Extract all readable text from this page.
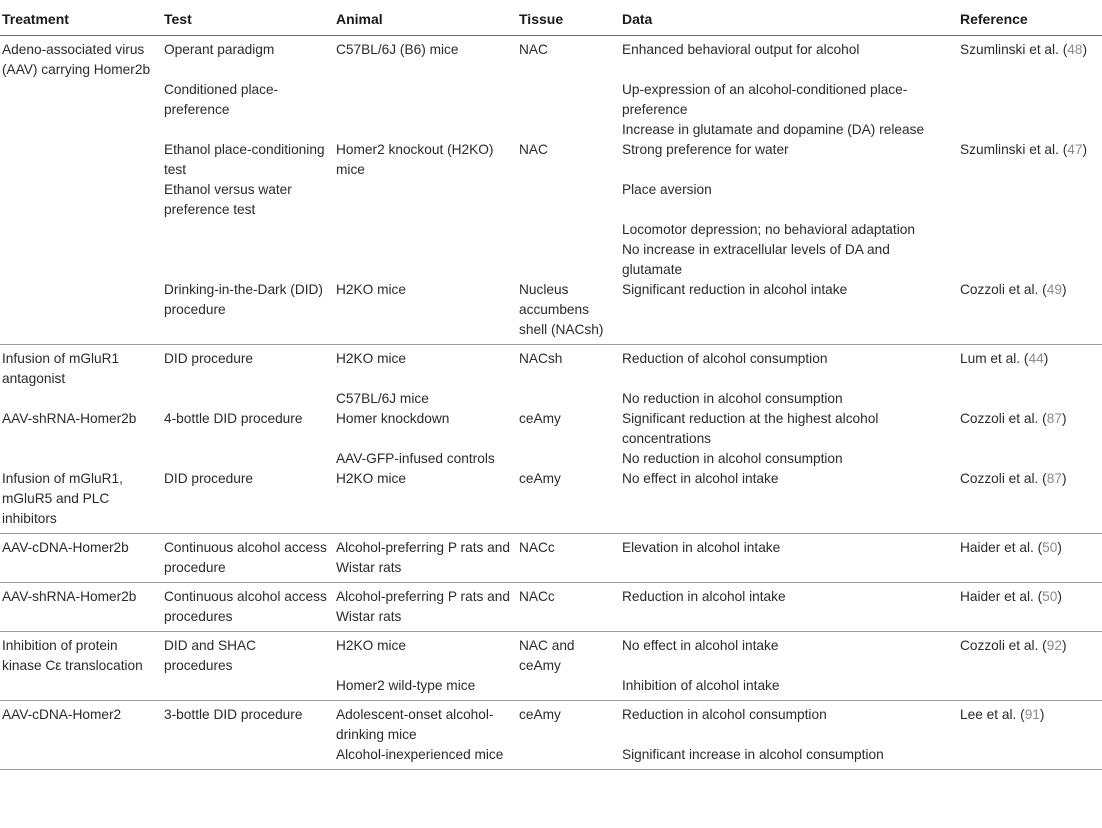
Treatment	Test	Animal	Tissue	Data	Reference
Adeno-associated virus (AAV) carrying Homer2b	Operant paradigm	C57BL/6J (B6) mice	NAC	Enhanced behavioral output for alcohol	Szumlinski et al. (48)
	Conditioned place-preference			Up-expression of an alcohol-conditioned place-preference	
				Increase in glutamate and dopamine (DA) release	
	Ethanol place-conditioning test	Homer2 knockout (H2KO) mice	NAC	Strong preference for water	Szumlinski et al. (47)
	Ethanol versus water preference test			Place aversion	
				Locomotor depression; no behavioral adaptation	
				No increase in extracellular levels of DA and glutamate	
	Drinking-in-the-Dark (DID) procedure	H2KO mice	Nucleus accumbens shell (NACsh)	Significant reduction in alcohol intake	Cozzoli et al. (49)
Infusion of mGluR1 antagonist	DID procedure	H2KO mice	NACsh	Reduction of alcohol consumption	Lum et al. (44)
		C57BL/6J mice		No reduction in alcohol consumption	
AAV-shRNA-Homer2b	4-bottle DID procedure	Homer knockdown	ceAmy	Significant reduction at the highest alcohol concentrations	Cozzoli et al. (87)
		AAV-GFP-infused controls		No reduction in alcohol consumption	
Infusion of mGluR1, mGluR5 and PLC inhibitors	DID procedure	H2KO mice	ceAmy	No effect in alcohol intake	Cozzoli et al. (87)
AAV-cDNA-Homer2b	Continuous alcohol access procedure	Alcohol-preferring P rats and Wistar rats	NACc	Elevation in alcohol intake	Haider et al. (50)
AAV-shRNA-Homer2b	Continuous alcohol access procedures	Alcohol-preferring P rats and Wistar rats	NACc	Reduction in alcohol intake	Haider et al. (50)
Inhibition of protein kinase Cε translocation	DID and SHAC procedures	H2KO mice	NAC and ceAmy	No effect in alcohol intake	Cozzoli et al. (92)
		Homer2 wild-type mice		Inhibition of alcohol intake	
AAV-cDNA-Homer2	3-bottle DID procedure	Adolescent-onset alcohol-drinking mice	ceAmy	Reduction in alcohol consumption	Lee et al. (91)
		Alcohol-inexperienced mice		Significant increase in alcohol consumption	
